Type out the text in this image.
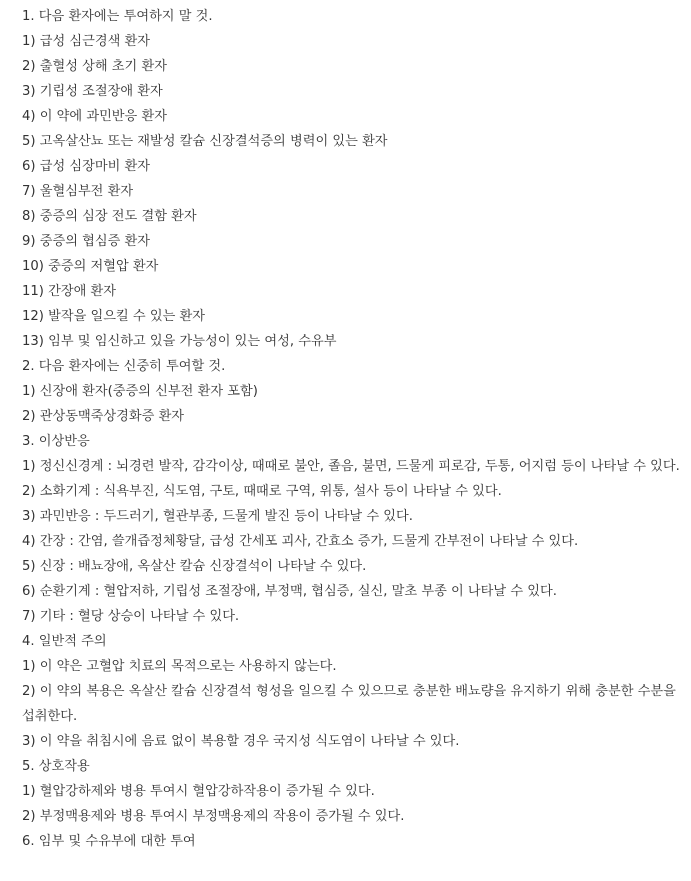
1. 다음 환자에는 투여하지 말 것.
1) 급성 심근경색 환자
2) 출혈성 상해 초기 환자
3) 기립성 조절장애 환자
4) 이 약에 과민반응 환자
5) 고옥살산뇨 또는 재발성 칼슘 신장결석증의 병력이 있는 환자
6) 급성 심장마비 환자
7) 울혈심부전 환자
8) 중증의 심장 전도 결함 환자
9) 중증의 협심증 환자
10) 중증의 저혈압 환자
11) 간장애 환자
12) 발작을 일으킬 수 있는 환자
13) 임부 및 임신하고 있을 가능성이 있는 여성, 수유부
2. 다음 환자에는 신중히 투여할 것.
1) 신장애 환자(중증의 신부전 환자 포함)
2) 관상동맥죽상경화증 환자
3. 이상반응
1) 정신신경계 : 뇌경련 발작, 감각이상, 때때로 불안, 졸음, 불면, 드물게 피로감, 두통, 어지럼 등이 나타날 수 있다.
2) 소화기계 : 식욕부진, 식도염, 구토, 때때로 구역, 위통, 설사 등이 나타날 수 있다.
3) 과민반응 : 두드러기, 혈관부종, 드물게 발진 등이 나타날 수 있다.
4) 간장 : 간염, 쓸개즙정체황달, 급성 간세포 괴사, 간효소 증가, 드물게 간부전이 나타날 수 있다.
5) 신장 : 배뇨장애, 옥살산 칼슘 신장결석이 나타날 수 있다.
6) 순환기계 : 혈압저하, 기립성 조절장애, 부정맥, 협심증, 실신, 말초 부종 이 나타날 수 있다.
7) 기타 : 혈당 상승이 나타날 수 있다.
4. 일반적 주의
1) 이 약은 고혈압 치료의 목적으로는 사용하지 않는다.
2) 이 약의 복용은 옥살산 칼슘 신장결석 형성을 일으킬 수 있으므로 충분한 배뇨량을 유지하기 위해 충분한 수분을 섭취한다.
3) 이 약을 취침시에 음료 없이 복용할 경우 국지성 식도염이 나타날 수 있다.
5. 상호작용
1) 혈압강하제와 병용 투여시 혈압강하작용이 증가될 수 있다.
2) 부정맥용제와 병용 투여시 부정맥용제의 작용이 증가될 수 있다.
6. 임부 및 수유부에 대한 투여
